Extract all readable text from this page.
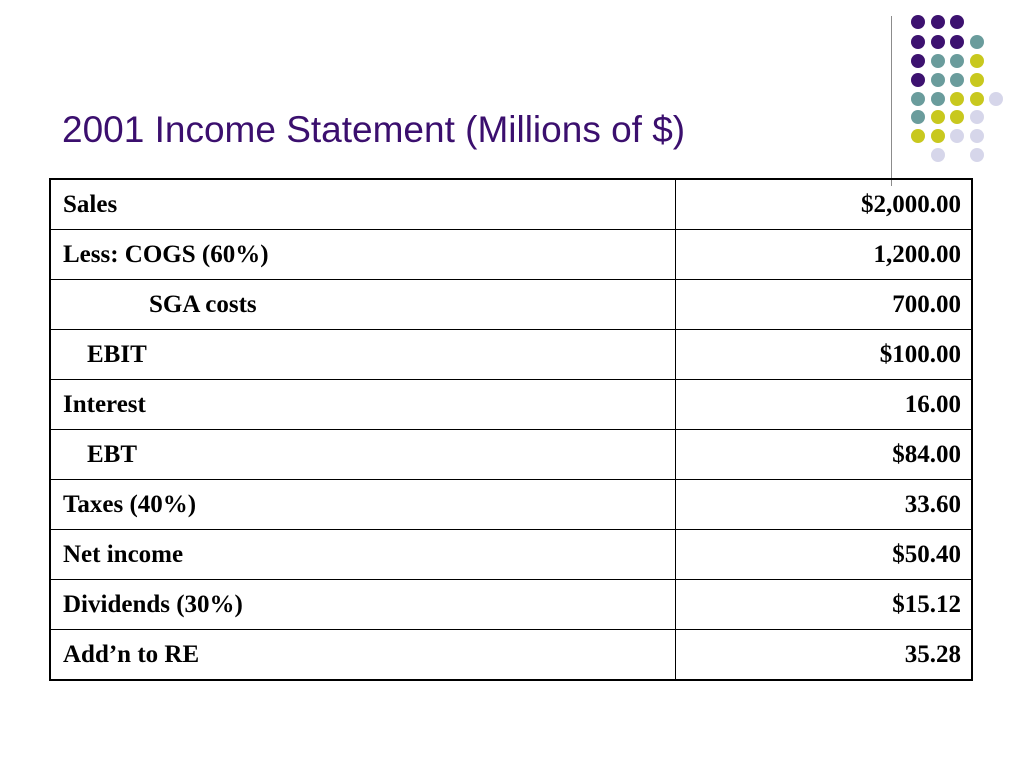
2001 Income Statement (Millions of $)
Sales	$2,000.00
Less: COGS (60%)	1,200.00
SGA costs	700.00
EBIT	$100.00
Interest	16.00
EBT	$84.00
Taxes (40%)	33.60
Net income	$50.40
Dividends (30%)	$15.12
Add’n to RE	35.28
